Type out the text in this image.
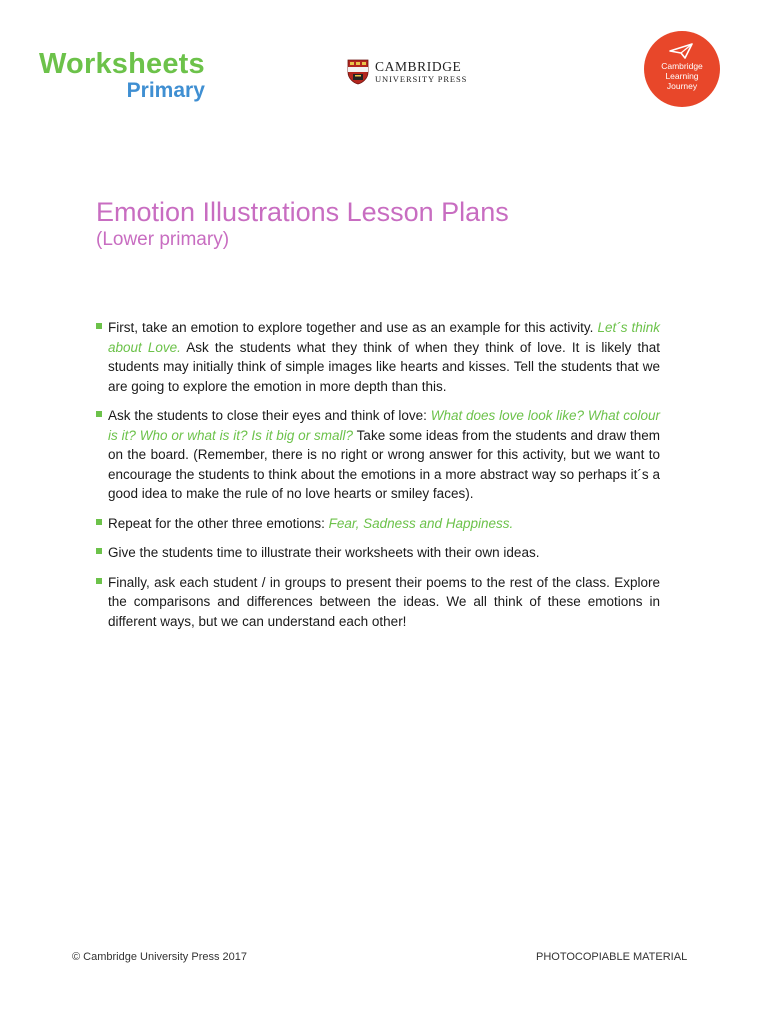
Worksheets
Primary
CAMBRIDGE
UNIVERSITY PRESS
Cambridge
Learning
Journey
Emotion Illustrations Lesson Plans
(Lower primary)
First, take an emotion to explore together and use as an example for this activity. Let´s think about Love. Ask the students what they think of when they think of love. It is likely that students may initially think of simple images like hearts and kisses. Tell the students that we are going to explore the emotion in more depth than this.
Ask the students to close their eyes and think of love: What does love look like? What colour is it? Who or what is it? Is it big or small? Take some ideas from the students and draw them on the board. (Remember, there is no right or wrong answer for this activity, but we want to encourage the students to think about the emotions in a more abstract way so perhaps it´s a good idea to make the rule of no love hearts or smiley faces).
Repeat for the other three emotions: Fear, Sadness and Happiness.
Give the students time to illustrate their worksheets with their own ideas.
Finally, ask each student / in groups to present their poems to the rest of the class. Explore the comparisons and differences between the ideas. We all think of these emotions in different ways, but we can understand each other!
© Cambridge University Press 2017	PHOTOCOPIABLE MATERIAL
